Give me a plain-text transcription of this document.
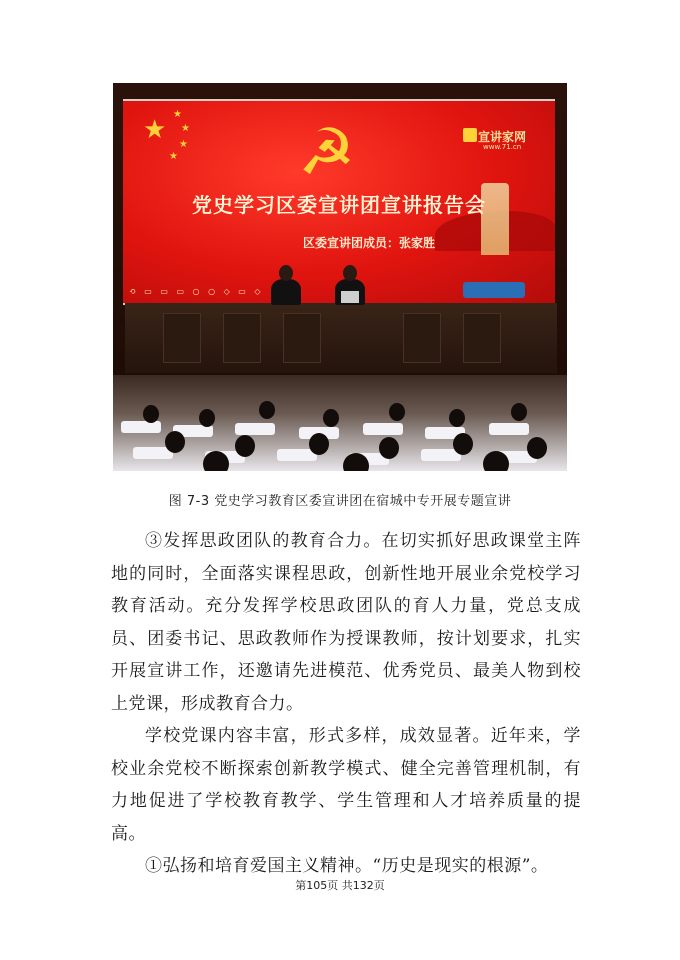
★
★
★
★
★ ☭	宣讲家网
www.71.cn
党史学习区委宣讲团宣讲报告会
区委宣讲团成员：张家胜
⟲ ▭ ▭ ▭ ○ ○ ◇ ▭ ◇
图 7-3 党史学习教育区委宣讲团在宿城中专开展专题宣讲

③发挥思政团队的教育合力。在切实抓好思政课堂主阵地的同时，全面落实课程思政，创新性地开展业余党校学习教育活动。充分发挥学校思政团队的育人力量，党总支成员、团委书记、思政教师作为授课教师，按计划要求，扎实开展宣讲工作，还邀请先进模范、优秀党员、最美人物到校上党课，形成教育合力。

学校党课内容丰富，形式多样，成效显著。近年来，学校业余党校不断探索创新教学模式、健全完善管理机制，有力地促进了学校教育教学、学生管理和人才培养质量的提高。

①弘扬和培育爱国主义精神。“历史是现实的根源”。

第105页 共132页
